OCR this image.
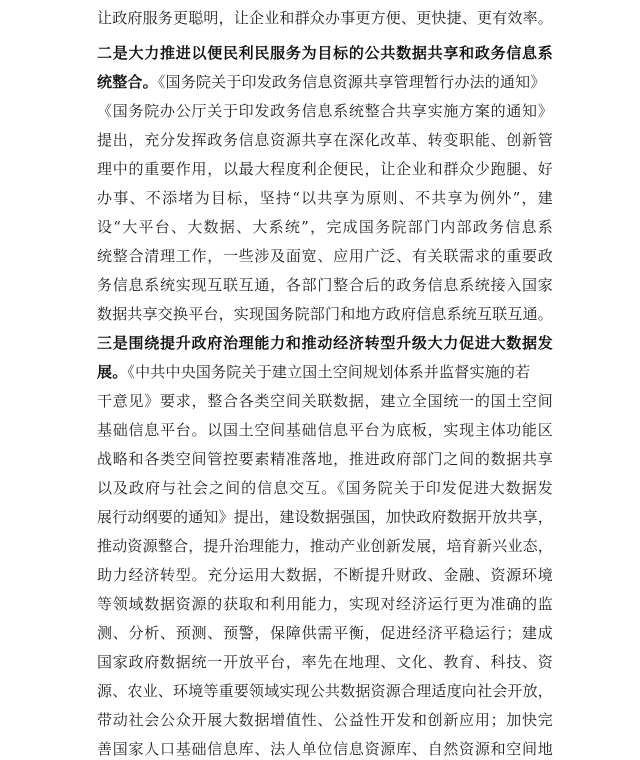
让政府服务更聪明，让企业和群众办事更方便、更快捷、更有效率。
二是大力推进以便民利民服务为目标的公共数据共享和政务信息系
统整合。《国务院关于印发政务信息资源共享管理暂行办法的通知》
《国务院办公厅关于印发政务信息系统整合共享实施方案的通知》
提出，充分发挥政务信息资源共享在深化改革、转变职能、创新管
理中的重要作用，以最大程度利企便民，让企业和群众少跑腿、好
办事、不添堵为目标，坚持“以共享为原则、不共享为例外”，建
设“大平台、大数据、大系统”，完成国务院部门内部政务信息系
统整合清理工作，一些涉及面宽、应用广泛、有关联需求的重要政
务信息系统实现互联互通，各部门整合后的政务信息系统接入国家
数据共享交换平台，实现国务院部门和地方政府信息系统互联互通。
三是围绕提升政府治理能力和推动经济转型升级大力促进大数据发
展。《中共中央国务院关于建立国土空间规划体系并监督实施的若
干意见》要求，整合各类空间关联数据，建立全国统一的国土空间
基础信息平台。以国土空间基础信息平台为底板，实现主体功能区
战略和各类空间管控要素精准落地，推进政府部门之间的数据共享
以及政府与社会之间的信息交互。《国务院关于印发促进大数据发
展行动纲要的通知》提出，建设数据强国，加快政府数据开放共享，
推动资源整合，提升治理能力，推动产业创新发展，培育新兴业态，
助力经济转型。充分运用大数据，不断提升财政、金融、资源环境
等领域数据资源的获取和利用能力，实现对经济运行更为准确的监
测、分析、预测、预警，保障供需平衡，促进经济平稳运行；建成
国家政府数据统一开放平台，率先在地理、文化、教育、科技、资
源、农业、环境等重要领域实现公共数据资源合理适度向社会开放，
带动社会公众开展大数据增值性、公益性开发和创新应用；加快完
善国家人口基础信息库、法人单位信息资源库、自然资源和空间地
